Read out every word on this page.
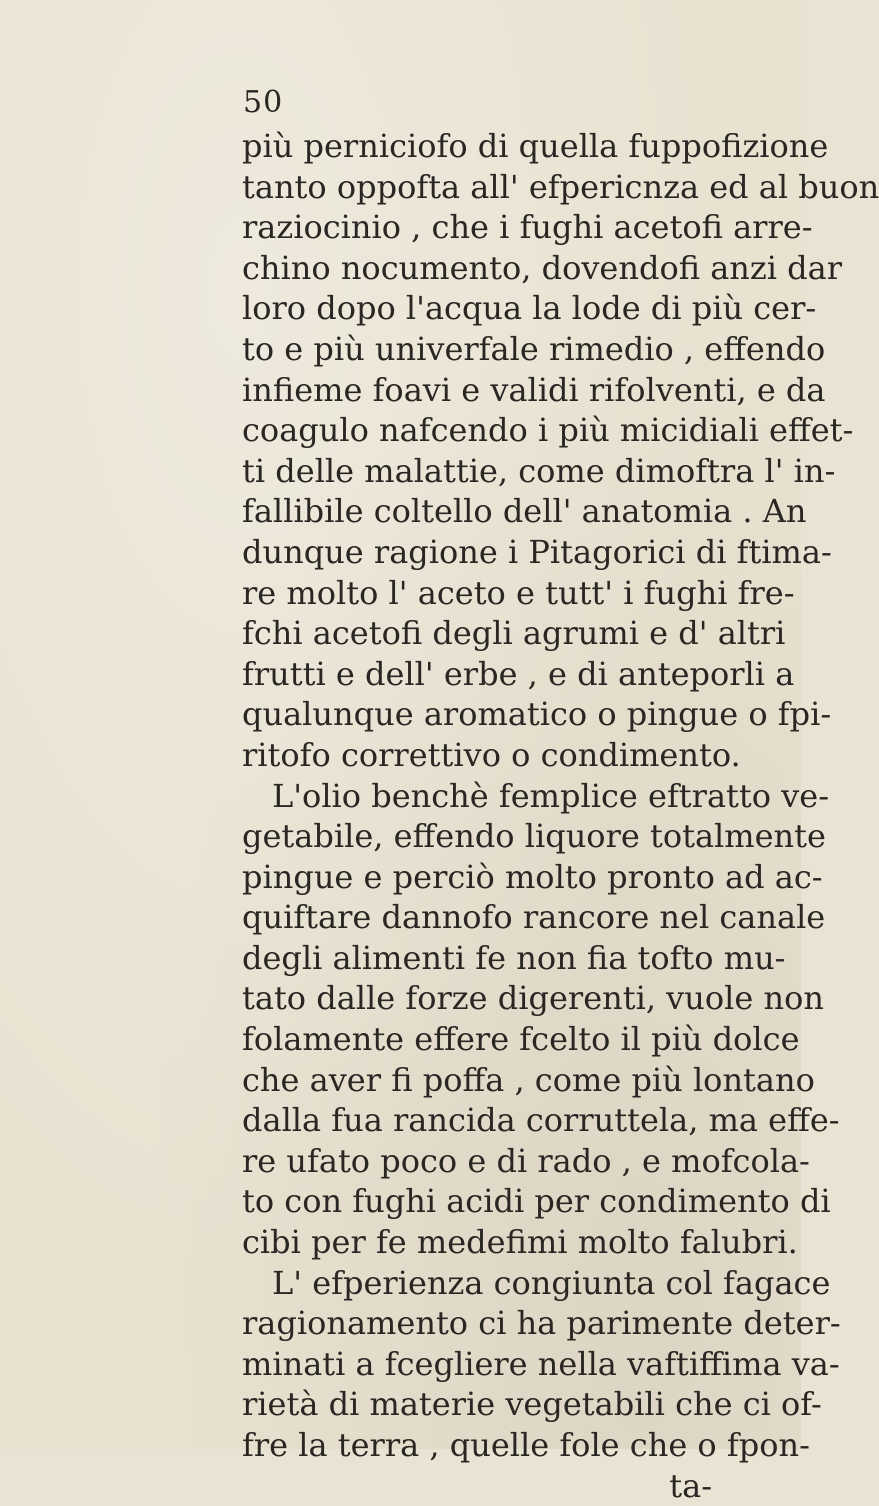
50
più perniciofo di quella fuppofizione
tanto oppofta all' efpericnza ed al buon
raziocinio , che i fughi acetofi arre-
chino nocumento, dovendofi anzi dar
loro dopo l'acqua la lode di più cer-
to e più univerfale rimedio , effendo
infieme foavi e validi rifolventi, e da
coagulo nafcendo i più micidiali effet-
ti delle malattie, come dimoftra l' in-
fallibile coltello dell' anatomia . An
dunque ragione i Pitagorici di ftima-
re molto l' aceto e tutt' i fughi fre-
fchi acetofi degli agrumi e d' altri
frutti e dell' erbe , e di anteporli a
qualunque aromatico o pingue o fpi-
ritofo correttivo o condimento.
L'olio benchè femplice eftratto ve-
getabile, effendo liquore totalmente
pingue e perciò molto pronto ad ac-
quiftare dannofo rancore nel canale
degli alimenti fe non fia tofto mu-
tato dalle forze digerenti, vuole non
folamente effere fcelto il più dolce
che aver fi poffa , come più lontano
dalla fua rancida corruttela, ma effe-
re ufato poco e di rado , e mofcola-
to con fughi acidi per condimento di
cibi per fe medefimi molto falubri.
L' efperienza congiunta col fagace
ragionamento ci ha parimente deter-
minati a fcegliere nella vaftiffima va-
rietà di materie vegetabili che ci of-
fre la terra , quelle fole che o fpon-
ta-
